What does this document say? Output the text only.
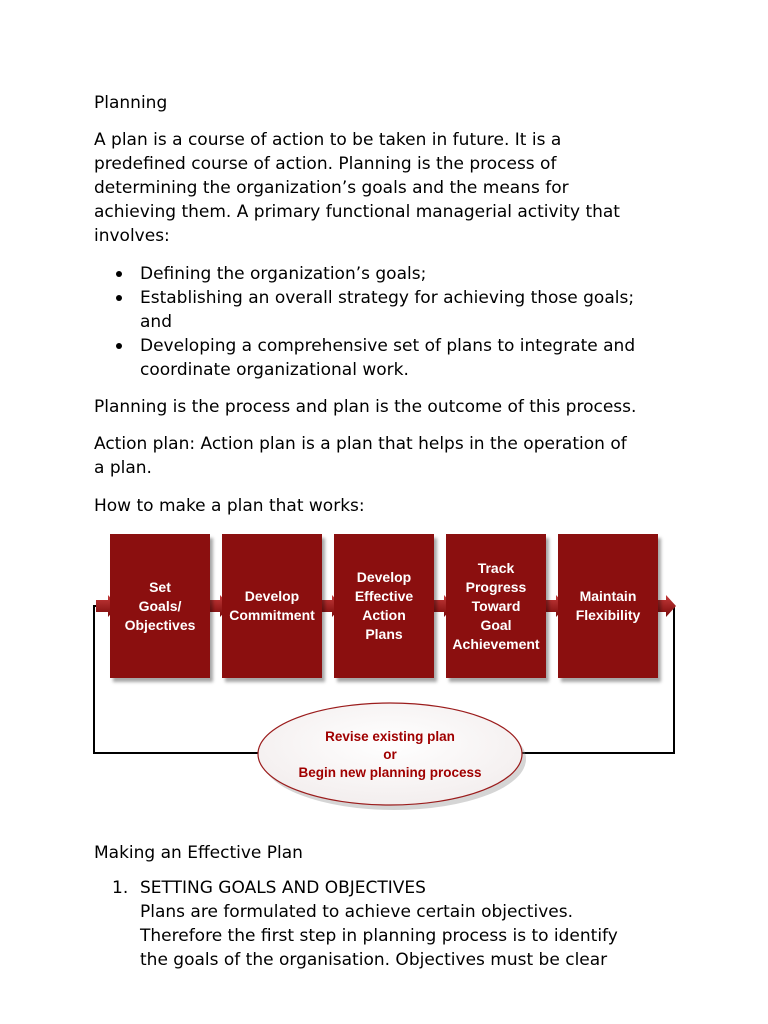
Planning

A plan is a course of action to be taken in future. It is a

predefined course of action. Planning is the process of

determining the organization’s goals and the means for

achieving them. A primary functional managerial activity that

involves:

Defining the organization’s goals;
Establishing an overall strategy for achieving those goals;
and
Developing a comprehensive set of plans to integrate and
coordinate organizational work.

Planning is the process and plan is the outcome of this process.

Action plan: Action plan is a plan that helps in the operation of

a plan.

How to make a plan that works:

Making an Effective Plan

1. SETTING GOALS AND OBJECTIVES
Plans are formulated to achieve certain objectives.
Therefore the first step in planning process is to identify
the goals of the organisation. Objectives must be clear
Set
Goals/
Objectives
Develop
Commitment
Develop
Effective
Action
Plans
Track
Progress
Toward
Goal
Achievement
Maintain
Flexibility
Revise existing plan
or
Begin new planning process
